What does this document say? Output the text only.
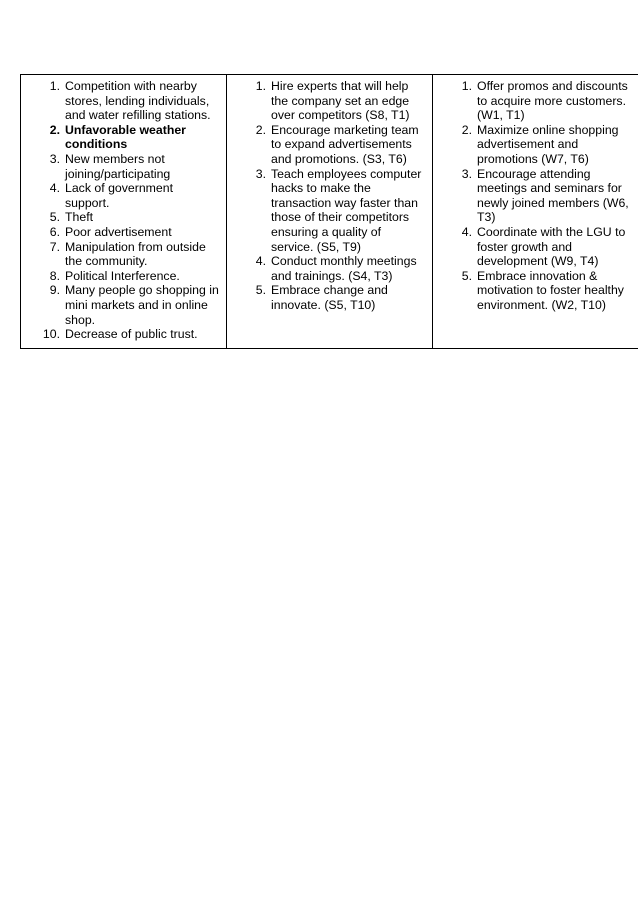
1. Competition with nearby stores, lending individuals, and water refilling stations.
2. Unfavorable weather conditions
3. New members not joining/participating
4. Lack of government support.
5. Theft
6. Poor advertisement
7. Manipulation from outside the community.
8. Political Interference.
9. Many people go shopping in mini markets and in online shop.
10. Decrease of public trust.

1. Hire experts that will help the company set an edge over competitors (S8, T1)
2. Encourage marketing team to expand advertisements and promotions. (S3, T6)
3. Teach employees computer hacks to make the transaction way faster than those of their competitors ensuring a quality of service. (S5, T9)
4. Conduct monthly meetings and trainings. (S4, T3)
5. Embrace change and innovate. (S5, T10)

1. Offer promos and discounts to acquire more customers. (W1, T1)
2. Maximize online shopping advertisement and promotions (W7, T6)
3. Encourage attending meetings and seminars for newly joined members (W6, T3)
4. Coordinate with the LGU to foster growth and development (W9, T4)
5. Embrace innovation & motivation to foster healthy environment. (W2, T10)
